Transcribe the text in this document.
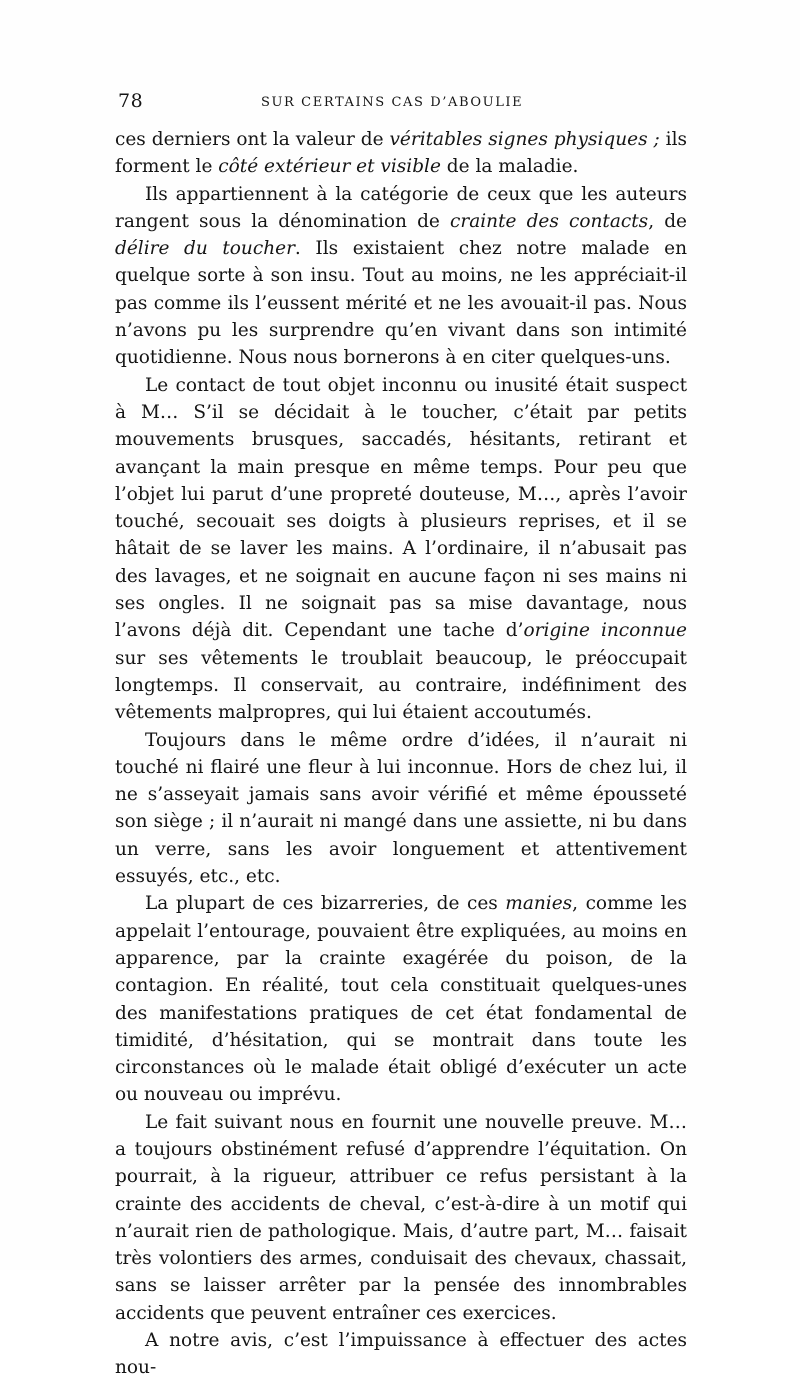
78	SUR CERTAINS CAS D’ABOULIE

ces derniers ont la valeur de véritables signes physiques ; ils forment le côté extérieur et visible de la maladie.

Ils appartiennent à la catégorie de ceux que les auteurs rangent sous la dénomination de crainte des contacts, de délire du toucher. Ils existaient chez notre malade en quelque sorte à son insu. Tout au moins, ne les appréciait-il pas comme ils l’eussent mérité et ne les avouait-il pas. Nous n’avons pu les surprendre qu’en vivant dans son intimité quotidienne. Nous nous bornerons à en citer quelques-uns.

Le contact de tout objet inconnu ou inusité était suspect à M… S’il se décidait à le toucher, c’était par petits mouvements brusques, saccadés, hésitants, retirant et avançant la main presque en même temps. Pour peu que l’objet lui parut d’une propreté douteuse, M…, après l’avoir touché, secouait ses doigts à plusieurs reprises, et il se hâtait de se laver les mains. A l’ordinaire, il n’abusait pas des lavages, et ne soignait en aucune façon ni ses mains ni ses ongles. Il ne soignait pas sa mise davantage, nous l’avons déjà dit. Cependant une tache d’origine inconnue sur ses vêtements le troublait beaucoup, le préoccupait longtemps. Il conservait, au contraire, indéfiniment des vêtements malpropres, qui lui étaient accoutumés.

Toujours dans le même ordre d’idées, il n’aurait ni touché ni flairé une fleur à lui inconnue. Hors de chez lui, il ne s’asseyait jamais sans avoir vérifié et même épousseté son siège ; il n’aurait ni mangé dans une assiette, ni bu dans un verre, sans les avoir longuement et attentivement essuyés, etc., etc.

La plupart de ces bizarreries, de ces manies, comme les appelait l’entourage, pouvaient être expliquées, au moins en apparence, par la crainte exagérée du poison, de la contagion. En réalité, tout cela constituait quelques-unes des manifestations pratiques de cet état fondamental de timidité, d’hésitation, qui se montrait dans toute les circonstances où le malade était obligé d’exécuter un acte ou nouveau ou imprévu.

Le fait suivant nous en fournit une nouvelle preuve. M… a toujours obstinément refusé d’apprendre l’équitation. On pourrait, à la rigueur, attribuer ce refus persistant à la crainte des accidents de cheval, c’est-à-dire à un motif qui n’aurait rien de pathologique. Mais, d’autre part, M… faisait très volontiers des armes, conduisait des chevaux, chassait, sans se laisser arrêter par la pensée des innombrables accidents que peuvent entraîner ces exercices.

A notre avis, c’est l’impuissance à effectuer des actes nou-
